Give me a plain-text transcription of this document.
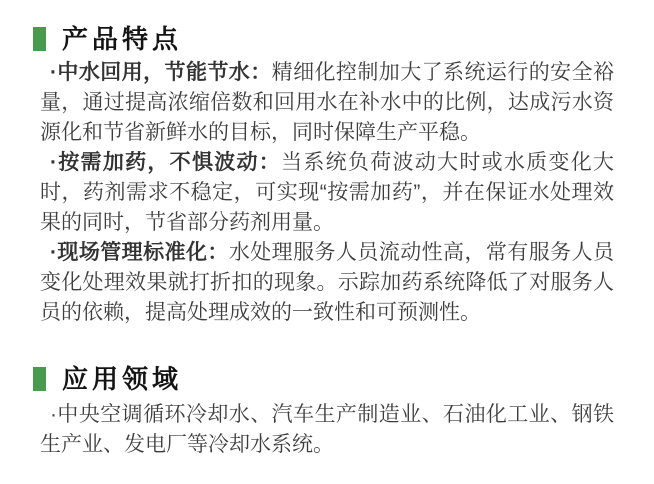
产品特点

·中水回用，节能节水：精细化控制加大了系统运行的安全裕量，通过提高浓缩倍数和回用水在补水中的比例，达成污水资源化和节省新鲜水的目标，同时保障生产平稳。

·按需加药，不惧波动：当系统负荷波动大时或水质变化大时，药剂需求不稳定，可实现“按需加药”，并在保证水处理效果的同时，节省部分药剂用量。

·现场管理标准化：水处理服务人员流动性高，常有服务人员变化处理效果就打折扣的现象。示踪加药系统降低了对服务人员的依赖，提高处理成效的一致性和可预测性。

应用领域

·中央空调循环冷却水、汽车生产制造业、石油化工业、钢铁生产业、发电厂等冷却水系统。
